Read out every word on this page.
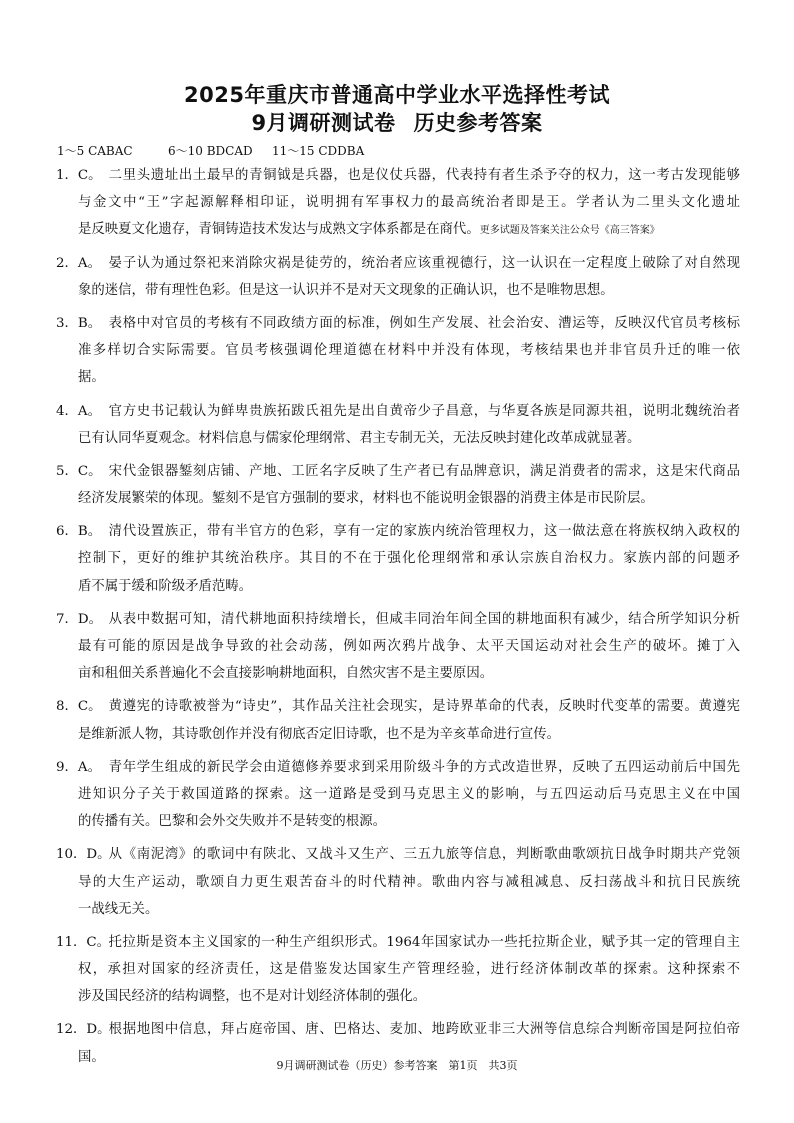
2025年重庆市普通高中学业水平选择性考试
9月调研测试卷 历史参考答案
1～5 CABAC	6～10 BDCAD 11～15 CDDBA
1．C。 二里头遗址出土最早的青铜钺是兵器，也是仪仗兵器，代表持有者生杀予夺的权力，这一考古发现能够
与金文中“王”字起源解释相印证，说明拥有军事权力的最高统治者即是王。学者认为二里头文化遗址
是反映夏文化遗存，青铜铸造技术发达与成熟文字体系都是在商代。更多试题及答案关注公众号《高三答案》
2．A。 晏子认为通过祭祀来消除灾祸是徒劳的，统治者应该重视德行，这一认识在一定程度上破除了对自然现
象的迷信，带有理性色彩。但是这一认识并不是对天文现象的正确认识，也不是唯物思想。
3．B。 表格中对官员的考核有不同政绩方面的标准，例如生产发展、社会治安、漕运等，反映汉代官员考核标
准多样切合实际需要。官员考核强调伦理道德在材料中并没有体现，考核结果也并非官员升迁的唯一依
据。
4．A。 官方史书记载认为鲜卑贵族拓跋氏祖先是出自黄帝少子昌意，与华夏各族是同源共祖，说明北魏统治者
已有认同华夏观念。材料信息与儒家伦理纲常、君主专制无关，无法反映封建化改革成就显著。
5．C。 宋代金银器錾刻店铺、产地、工匠名字反映了生产者已有品牌意识，满足消费者的需求，这是宋代商品
经济发展繁荣的体现。錾刻不是官方强制的要求，材料也不能说明金银器的消费主体是市民阶层。
6．B。 清代设置族正，带有半官方的色彩，享有一定的家族内统治管理权力，这一做法意在将族权纳入政权的
控制下，更好的维护其统治秩序。其目的不在于强化伦理纲常和承认宗族自治权力。家族内部的问题矛
盾不属于缓和阶级矛盾范畴。
7．D。 从表中数据可知，清代耕地面积持续增长，但咸丰同治年间全国的耕地面积有减少，结合所学知识分析
最有可能的原因是战争导致的社会动荡，例如两次鸦片战争、太平天国运动对社会生产的破坏。摊丁入
亩和租佃关系普遍化不会直接影响耕地面积，自然灾害不是主要原因。
8．C。 黄遵宪的诗歌被誉为“诗史”，其作品关注社会现实，是诗界革命的代表，反映时代变革的需要。黄遵宪
是维新派人物，其诗歌创作并没有彻底否定旧诗歌，也不是为辛亥革命进行宣传。
9．A。 青年学生组成的新民学会由道德修养要求到采用阶级斗争的方式改造世界，反映了五四运动前后中国先
进知识分子关于救国道路的探索。这一道路是受到马克思主义的影响，与五四运动后马克思主义在中国
的传播有关。巴黎和会外交失败并不是转变的根源。
10．D。从《南泥湾》的歌词中有陕北、又战斗又生产、三五九旅等信息，判断歌曲歌颂抗日战争时期共产党领
导的大生产运动，歌颂自力更生艰苦奋斗的时代精神。歌曲内容与减租减息、反扫荡战斗和抗日民族统
一战线无关。
11．C。托拉斯是资本主义国家的一种生产组织形式。1964年国家试办一些托拉斯企业，赋予其一定的管理自主
权，承担对国家的经济责任，这是借鉴发达国家生产管理经验，进行经济体制改革的探索。这种探索不
涉及国民经济的结构调整，也不是对计划经济体制的强化。
12．D。根据地图中信息，拜占庭帝国、唐、巴格达、麦加、地跨欧亚非三大洲等信息综合判断帝国是阿拉伯帝
国。
9月调研测试卷（历史）参考答案　第1页　共3页
